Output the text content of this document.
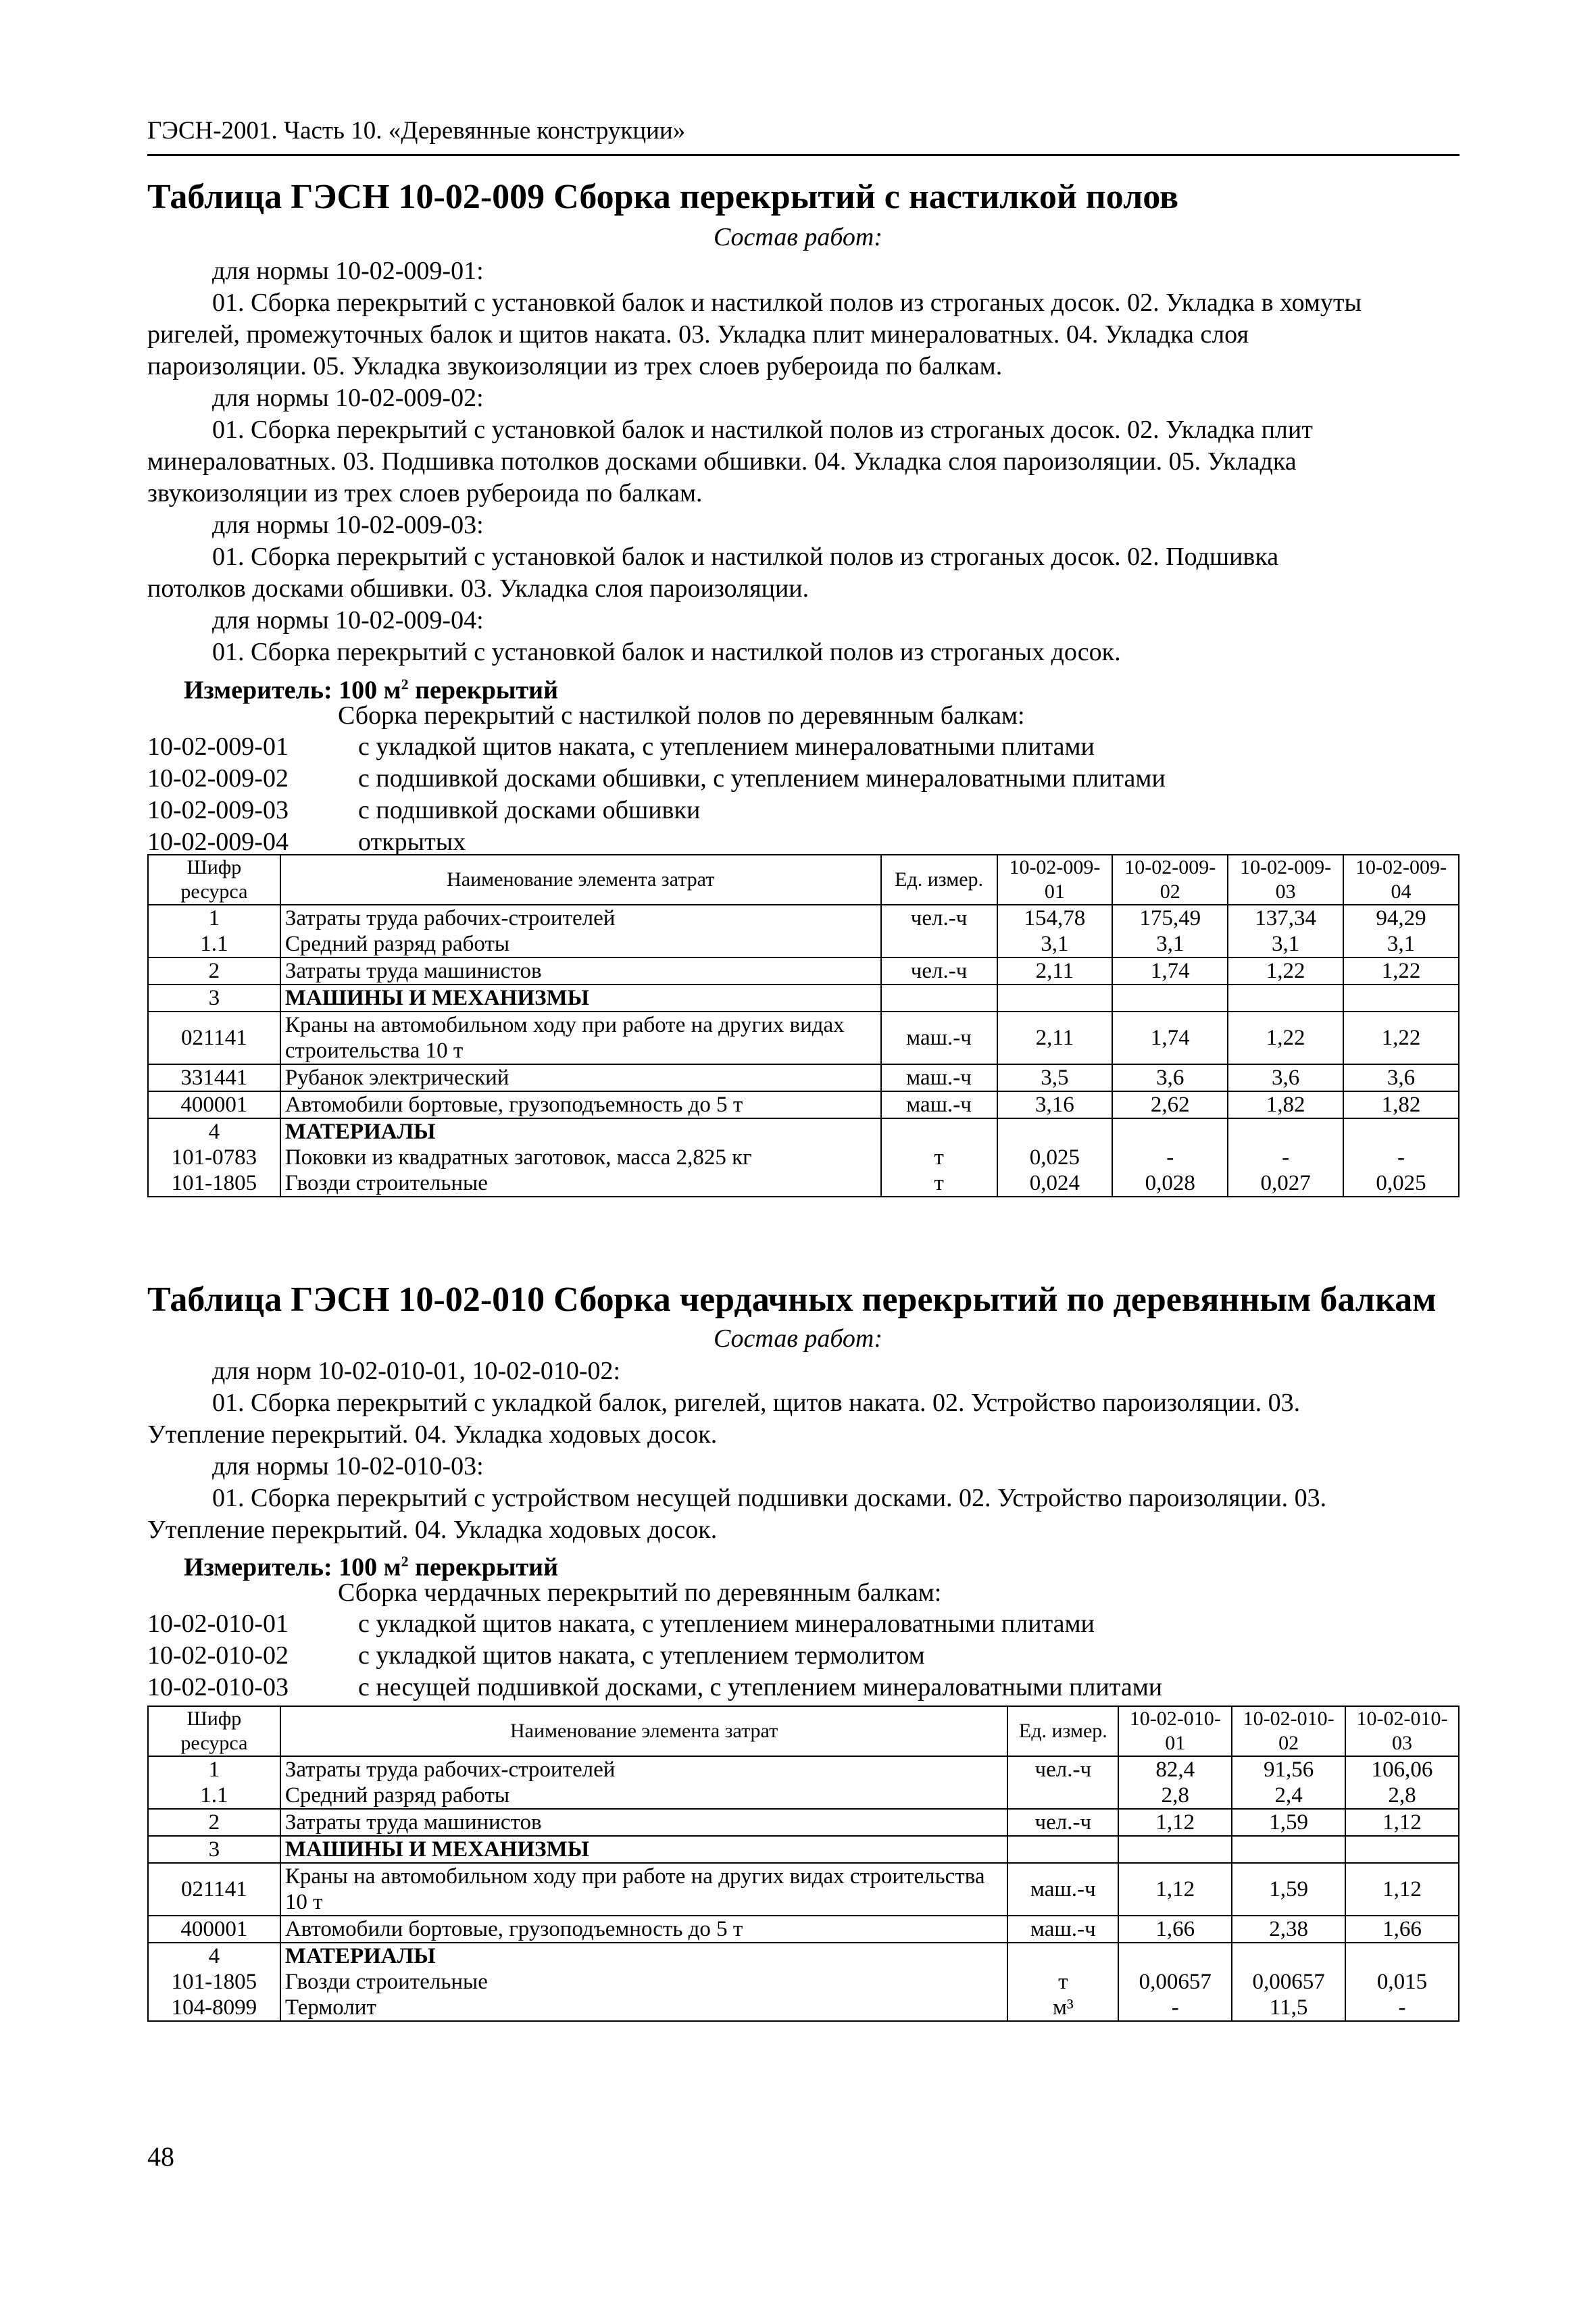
ГЭСН-2001. Часть 10. «Деревянные конструкции»
Таблица ГЭСН 10-02-009 Сборка перекрытий с настилкой полов
Состав работ:
для нормы 10-02-009-01:
01. Сборка перекрытий с установкой балок и настилкой полов из строганых досок. 02. Укладка в хомуты
ригелей, промежуточных балок и щитов наката. 03. Укладка плит минераловатных. 04. Укладка слоя
пароизоляции. 05. Укладка звукоизоляции из трех слоев рубероида по балкам.
для нормы 10-02-009-02:
01. Сборка перекрытий с установкой балок и настилкой полов из строганых досок. 02. Укладка плит
минераловатных. 03. Подшивка потолков досками обшивки. 04. Укладка слоя пароизоляции. 05. Укладка
звукоизоляции из трех слоев рубероида по балкам.
для нормы 10-02-009-03:
01. Сборка перекрытий с установкой балок и настилкой полов из строганых досок. 02. Подшивка
потолков досками обшивки. 03. Укладка слоя пароизоляции.
для нормы 10-02-009-04:
01. Сборка перекрытий с установкой балок и настилкой полов из строганых досок.
Измеритель: 100 $м^2$ перекрытий
Сборка перекрытий с настилкой полов по деревянным балкам:
10-02-009-01	с укладкой щитов наката, с утеплением минераловатными плитами
10-02-009-02	с подшивкой досками обшивки, с утеплением минераловатными плитами
10-02-009-03	с подшивкой досками обшивки
10-02-009-04	открытых
Шифр ресурса	Наименование элемента затрат	Ед. измер.	10-02-009-01	10-02-009-02	10-02-009-03	10-02-009-04
1	Затраты труда рабочих-строителей	чел.-ч	154,78	175,49	137,34	94,29
1.1	Средний разряд работы		3,1	3,1	3,1	3,1
2	Затраты труда машинистов	чел.-ч	2,11	1,74	1,22	1,22
3	МАШИНЫ И МЕХАНИЗМЫ					
021141	Краны на автомобильном ходу при работе на других видах строительства 10 т	маш.-ч	2,11	1,74	1,22	1,22
331441	Рубанок электрический	маш.-ч	3,5	3,6	3,6	3,6
400001	Автомобили бортовые, грузоподъемность до 5 т	маш.-ч	3,16	2,62	1,82	1,82
4	МАТЕРИАЛЫ					
101-0783	Поковки из квадратных заготовок, масса 2,825 кг	т	0,025	-	-	-
101-1805	Гвозди строительные	т	0,024	0,028	0,027	0,025
Таблица ГЭСН 10-02-010 Сборка чердачных перекрытий по деревянным балкам
Состав работ:
для норм 10-02-010-01, 10-02-010-02:
01. Сборка перекрытий с укладкой балок, ригелей, щитов наката. 02. Устройство пароизоляции. 03.
Утепление перекрытий. 04. Укладка ходовых досок.
для нормы 10-02-010-03:
01. Сборка перекрытий с устройством несущей подшивки досками. 02. Устройство пароизоляции. 03.
Утепление перекрытий. 04. Укладка ходовых досок.
Измеритель: 100 $м^2$ перекрытий
Сборка чердачных перекрытий по деревянным балкам:
10-02-010-01	с укладкой щитов наката, с утеплением минераловатными плитами
10-02-010-02	с укладкой щитов наката, с утеплением термолитом
10-02-010-03	с несущей подшивкой досками, с утеплением минераловатными плитами
Шифр ресурса	Наименование элемента затрат	Ед. измер.	10-02-010-01	10-02-010-02	10-02-010-03
1	Затраты труда рабочих-строителей	чел.-ч	82,4	91,56	106,06
1.1	Средний разряд работы		2,8	2,4	2,8
2	Затраты труда машинистов	чел.-ч	1,12	1,59	1,12
3	МАШИНЫ И МЕХАНИЗМЫ				
021141	Краны на автомобильном ходу при работе на других видах строительства 10 т	маш.-ч	1,12	1,59	1,12
400001	Автомобили бортовые, грузоподъемность до 5 т	маш.-ч	1,66	2,38	1,66
4	МАТЕРИАЛЫ				
101-1805	Гвозди строительные	т	0,00657	0,00657	0,015
104-8099	Термолит	м³	-	11,5	-
48
